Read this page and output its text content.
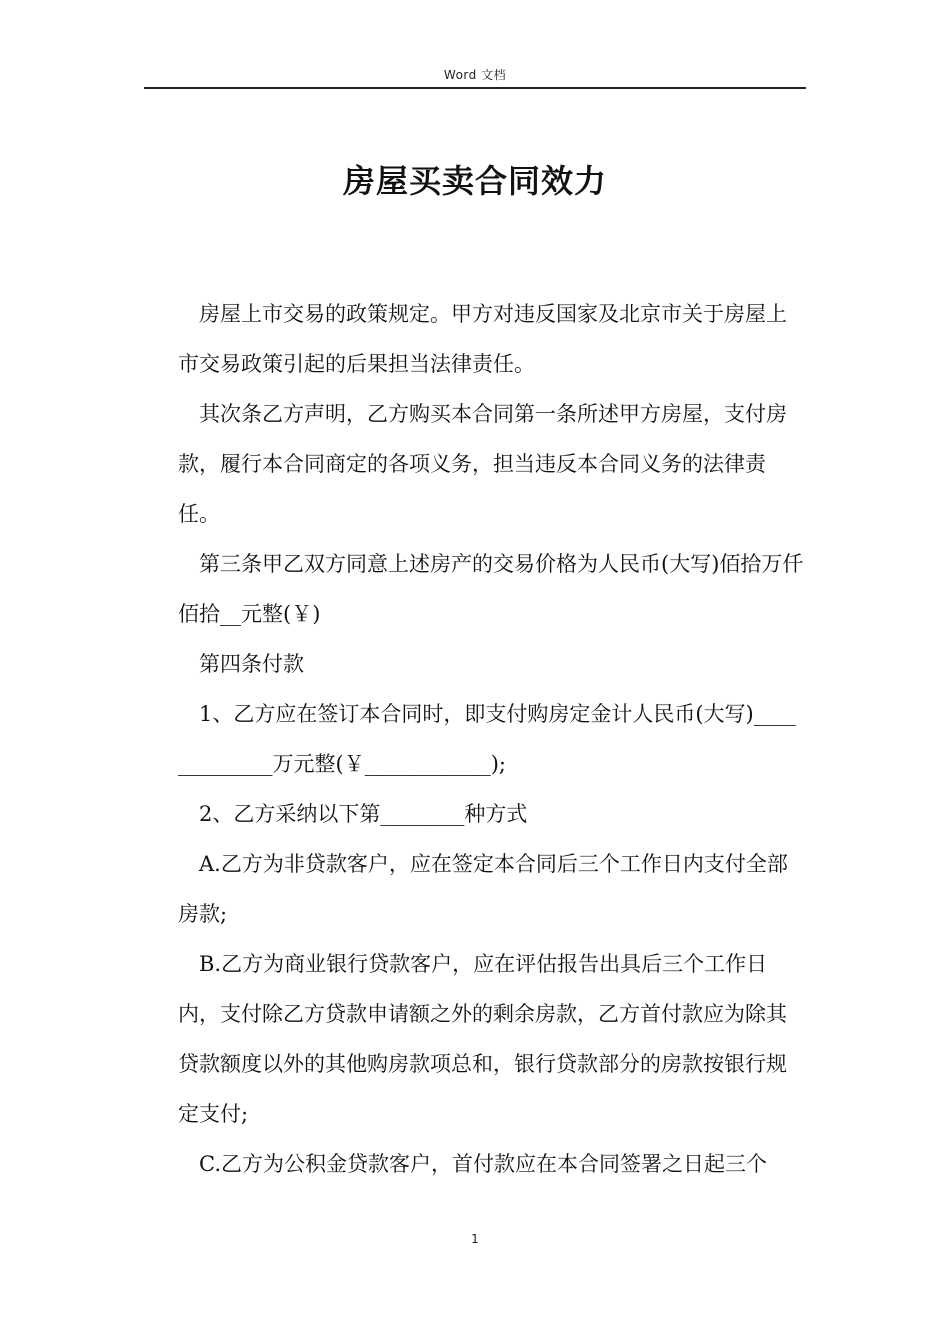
Word 文档
房屋买卖合同效力

房屋上市交易的政策规定。甲方对违反国家及北京市关于房屋上市交易政策引起的后果担当法律责任。

其次条乙方声明，乙方购买本合同第一条所述甲方房屋，支付房款，履行本合同商定的各项义务，担当违反本合同义务的法律责任。

第三条甲乙双方同意上述房产的交易价格为人民币(大写)佰拾万仟佰拾__元整(￥)

第四条付款

1、乙方应在签订本合同时，即支付购房定金计人民币(大写)_____________万元整(￥____________);

2、乙方采纳以下第________种方式

A.乙方为非贷款客户，应在签定本合同后三个工作日内支付全部房款;

B.乙方为商业银行贷款客户，应在评估报告出具后三个工作日内，支付除乙方贷款申请额之外的剩余房款，乙方首付款应为除其贷款额度以外的其他购房款项总和，银行贷款部分的房款按银行规定支付;

C.乙方为公积金贷款客户，首付款应在本合同签署之日起三个

1
